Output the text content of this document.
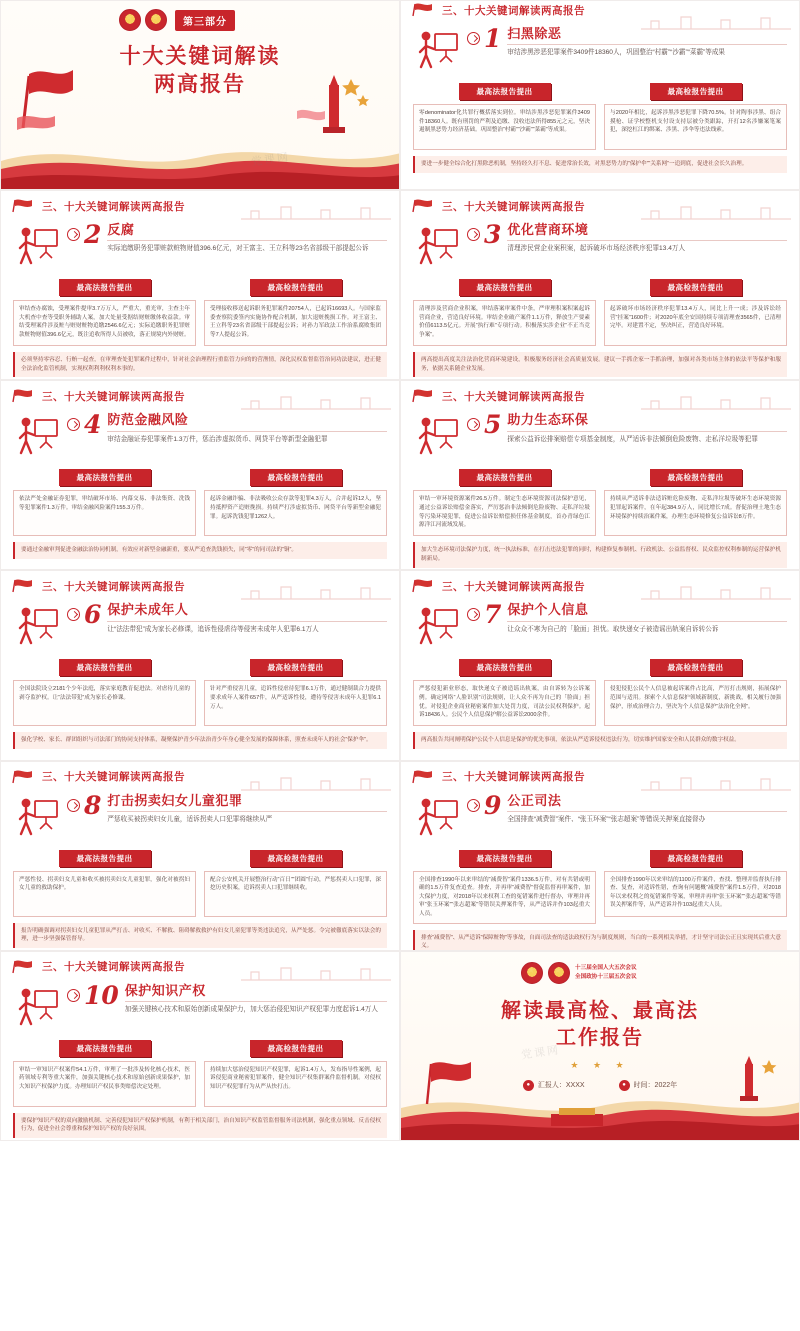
★
★
第三部分
十大关键词解读
两高报告
三、十大关键词解读两高报告
1 扫黑除恶
审结涉黑涉恶犯罪案件3409件18360人，巩固整治“村霸”“沙霸”“菜霸”等成果
最高法报告提出
零denominator化共罪行概括落实到位。审结涉黑涉恶犯罪案件3409件18360人。既有刑罚的严利及追缴、没收违法所得855元之元，坚决遏制黑恶势力经济基础。巩固整治“村霸”“沙霸”“菜霸”等成果。
最高检报告提出
与2020年相比，起诉涉黑涉恶犯罪下降70.5%。针对陶事涉黑、组合摸枪、证学校整机支付设支持层被分类跟踪，开打12名涉嫌案笔案犯，深挖杠江的绑案、涉黑、涉伞等违法线索。
要进一步健全综合化打黑除恶机制，坚持经久打不息、促进常治长效，对黑恶势力的“保护伞”“关系网”一追到底，促进社会长久治理。
三、十大关键词解读两高报告
2 反腐
实际追缴职务犯罪赃款赃物财值396.6亿元，对王富主、王立科等23名省部级干部提起公诉
最高法报告提出
审结查办腐蚀，受理案件提审3.7万万人，严重大，重光审，主查主年大机查中查等受职务辅助人案，加大处量受据结财赃缴体收益款。审结受理案件涉及赃与赃财赃物追缴2546.6亿元；实际追缴职务犯罪赃款赃物财值396.6亿元，既注追收所得人员被收，落正规境内外财赃。
最高检报告提出
受理接收移送起诉职务犯罪案件20754人，已起诉16693人。与国家监委查察院委签内实施协作配合机制，加大退赃挽损工作。对王富主、王立科等23名省部级干部提起公诉；对孙力军政法工作治系腐败集团等7人提起公诉。
必须坚持零容忍、行贿一起查，在审理查处犯罪案件过程中，针对社会治理程行重监管力向的的营渔情，深化民权监督监管治同功法建议，进正健全法治化监管机制，实现权利利利权利本事的。
三、十大关键词解读两高报告
3 优化营商环境
清理涉民营企业案积案，起诉破坏市场经济秩序犯罪13.4万人
最高法报告提出
清理涉及营商企业积案，审结落案审案件中条，严审理积案积案起诉营商企业，营造良好环境。审结企业破产案件1.1万件，释放生产要素价值6113.5亿元。开展“执行难”专项行动。积极落实涉企业“不正当竞争案”。
最高检报告提出
起诉破坏市场经济秩序犯罪13.4万人，同比上升一成；涉及诉讼经营“挂案”1600件；对2020年底全安国持续专项清理查3565件，已清理完毕。对建置不定，坚决纠正，营造良好环境。
两高提出高度关注法治化营商环境建设，积极服务经济社会高质量发展。建议一手抓企家一手抓治理，加强对各类市场主体的依法平等保护和服务，依据关系随企业发展。
三、十大关键词解读两高报告
4 防范金融风险
审结金融证券犯罪案件1.3万件，惩治涉虚拟货币、网贷平台等新型金融犯罪
最高法报告提出
依法严处金融证券犯罪，审结破坏市场、内幕交易、非法集资、洗钱等犯罪案件1.3万件。审结金融风险案件155.3万件。
最高检报告提出
起诉金融诈骗、非法吸收公众存款等犯罪4.3万人，合并起诉12人，坚持抵押资产追赃挽损。持续严打涉虚拟货币、网贷平台等新型金融犯罪。起诉洗钱犯罪1262人。
要通过金融审判促进金融法治协同机制，有效应对新型金融新重，要从严追查洗钱损失，同“零”的同司法的“铜”。
三、十大关键词解读两高报告
5 助力生态环保
探索公益诉讼排案赔偿专项基金制度，从严适诉非法倾倒危险废物、走私洋垃圾等犯罪
最高法报告提出
审结一审环境资源案件26.5万件。制定生态环境资源司法保护意见，通过公益诉讼赔偿金落实，严厉惩治非法倾倒危险废物、走私洋垃圾等污染环境犯罪，促进公益诉讼赔偿损任体基金制度，首办青绿色江源洋江河流域发展。
最高检报告提出
持续从严适诉非法适诉赃危险废物、走私洋垃圾等破坏生态环境资源犯罪起诉案件，在年起384.9万人，同比增长7成。督促治理土地生态环境保护持续治案件案，办理生态环境修复公益诉讼8万件。
加大生态环境司法保护力度，统一执法标准，在打击违法犯罪的同时，构建修复参制机、行政机法、公益监督权、民众监控权利参制的运营保护机制新局。
三、十大关键词解读两高报告
6 保护未成年人
让“法法带犯”成为家长必修课，追诉性侵虐待等侵害未成年人犯罪6.1万人
最高法报告提出
全国法院设立2181个少年法庭，落实家庭教育促进法。对虐待儿童的剥夺监护权。让“法法带犯”成为家长必修课。
最高检报告提出
针对严重侵害儿童，追诉性侵虐待犯罪6.1万件，通过健制裁合力提供要求成年人案件657件，从严适诉性侵，遭待等侵害未成年人犯罪6.1万人。
强化学校、家长、群团组织与司法部门的协同支持体系，凝聚保护青少年法治青少年身心健全发展的保障体系，照查未成年人的社会“保护伞”。
三、十大关键词解读两高报告
7 保护个人信息
让众众不寒为自己的「脸面」担忧。取快递女子被造谣出轨案自诉转公诉
最高法报告提出
严惩侵犯新业形态，取快递女子被造谣出轨案，由自诉转为公诉案例。确定网络“人脸识别”司法规则，让人众不再为自己的「脸面」担忧。对侵犯企业商业秘密案件加大处罚力度，司法公民权利保护。起诉18436人。公民个人信息保护解公益诉讼2000余件。
最高检报告提出
侵犯侵犯公民个人信息被起诉案件占比高，严厉打击规则，拓展保护范围与适用。探索个人信息保护领域新制度，新挑战，相关履行加强保护，形成治理合力，坚决为个人信息保护“法治化全网”。
两高报告共同阐明保护公民个人信息是保护的优先事项，依法从严适诉侵权违法行为，切实维护国家安全和人民群众的数字权益。
三、十大关键词解读两高报告
8 打击拐卖妇女儿童犯罪
严惩收买被拐卖妇女儿童，适诉拐卖人口犯罪将继续从严
最高法报告提出
严惩性侵、拐卖妇女儿童和收买被拐卖妇女儿童犯罪，强化对被拐妇女儿童的救助保护。
最高检报告提出
配合公安机关开展整治行动“百日”“团圆”行动，严惩拐卖人口犯罪，深挖历史积案，追诉拐卖人口犯罪继续收。
报告明确强调对拐卖妇女儿童犯罪从严打击、对收买、不解救、阻碍解救救护有妇女儿童犯罪等类违法追究，从严处惩。令完被徹底落实以法会的理，进一步坚强保管督导。
三、十大关键词解读两高报告
9 公正司法
全国排查“减费智”案件、“张玉环案”“张志超案”等错误关押案直接督办
最高法报告提出
全国排查1990年以来审结的“减费智”案件1336.5万件，对有共错或明确的1.5万件复查追查。排查，并再审“减费智”督促监督再审案件，加大保护力度，对2018年以来权利工查的冤错案件进行督办，审理并再审“张玉环案”“张志超案”等错误关押案件等，从严适诉并作103起重大人员。
最高检报告提出
全国排查1990年以来审结的1100万件案件，查找、整理并监督执行排查、复查，对适诉性错，查询有问题概“减费智”案件1.5万件，对2018年以来权利之的冤错案件等案，审理并再审“张玉环案”“张志超案”等错误关押案件等，从严适诉并作103起重大人员。
排查“减费智”、从严适诉“保障赃物”等事故，自面司法查的适法政权行为与制度规则，当白的一系列相关举措，才计坚守司法公正且实现其后重大意义。
三、十大关键词解读两高报告
10 保护知识产权
加强关键核心技术和原始创新成果保护力，加大惩治侵犯知识产权犯罪力度起诉1.4万人
最高法报告提出
审结一审知识产权案件54.1万件，审理了一批涉及转化核心技术，医药领域专利等重大案件，加强关键核心技术和原始创新成果保护，加大知识产权保护力度。办理知识产权民事类赔偿决定处理。
最高检报告提出
持续加大惩治侵犯知识产权犯罪，起诉1.4万人，发布指导性案例，起诉侵犯商业秘密犯罪案件，健全知识产权集群案件监督机制。对侵权知识产权犯罪行为从严从快打击。
要保护知识产权的双向激励机制、完善侵犯知识产权保护机制，有利于相关部门，治自知识产权监管监督服务司法机制，强化重点领域、反击侵权行为，促进全社会尊重和保护知识产权的良好氛围。
★
★
十三届全国人大五次会议
全国政协十三届五次会议
解读最高检、最高法
工作报告
★ ★ ★
●	汇报人：XXXX	●	时间：2022年
党课网
